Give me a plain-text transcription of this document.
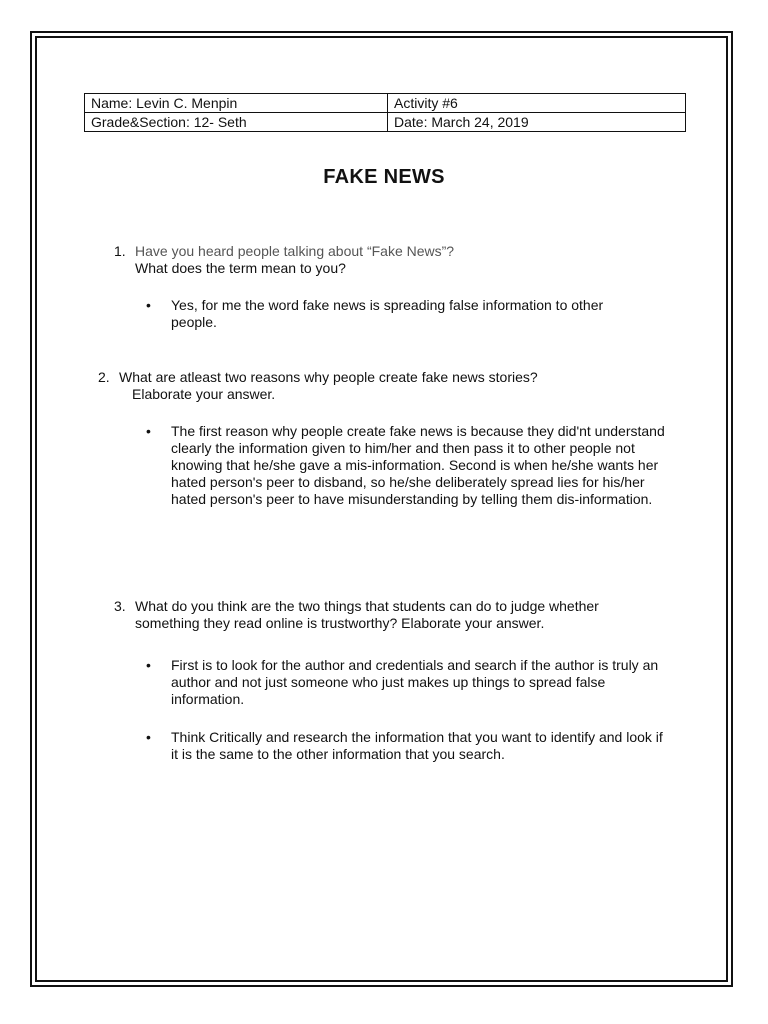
Name: Levin C. Menpin	Activity #6
Grade&Section: 12- Seth	Date: March 24, 2019
FAKE NEWS
1. Have you heard people talking about “Fake News”?
What does the term mean to you?
• Yes, for me the word fake news is spreading false information to other people.
2. What are atleast two reasons why people create fake news stories?
Elaborate your answer.
• The first reason why people create fake news is because they did'nt understand clearly the information given to him/her and then pass it to other people not knowing that he/she gave a mis-information. Second is when he/she wants her hated person's peer to disband, so he/she deliberately spread lies for his/her hated person's peer to have misunderstanding by telling them dis-information.
3. What do you think are the two things that students can do to judge whether
something they read online is trustworthy? Elaborate your answer.
• First is to look for the author and credentials and search if the author is truly an author and not just someone who just makes up things to spread false information.
• Think Critically and research the information that you want to identify and look if it is the same to the other information that you search.
